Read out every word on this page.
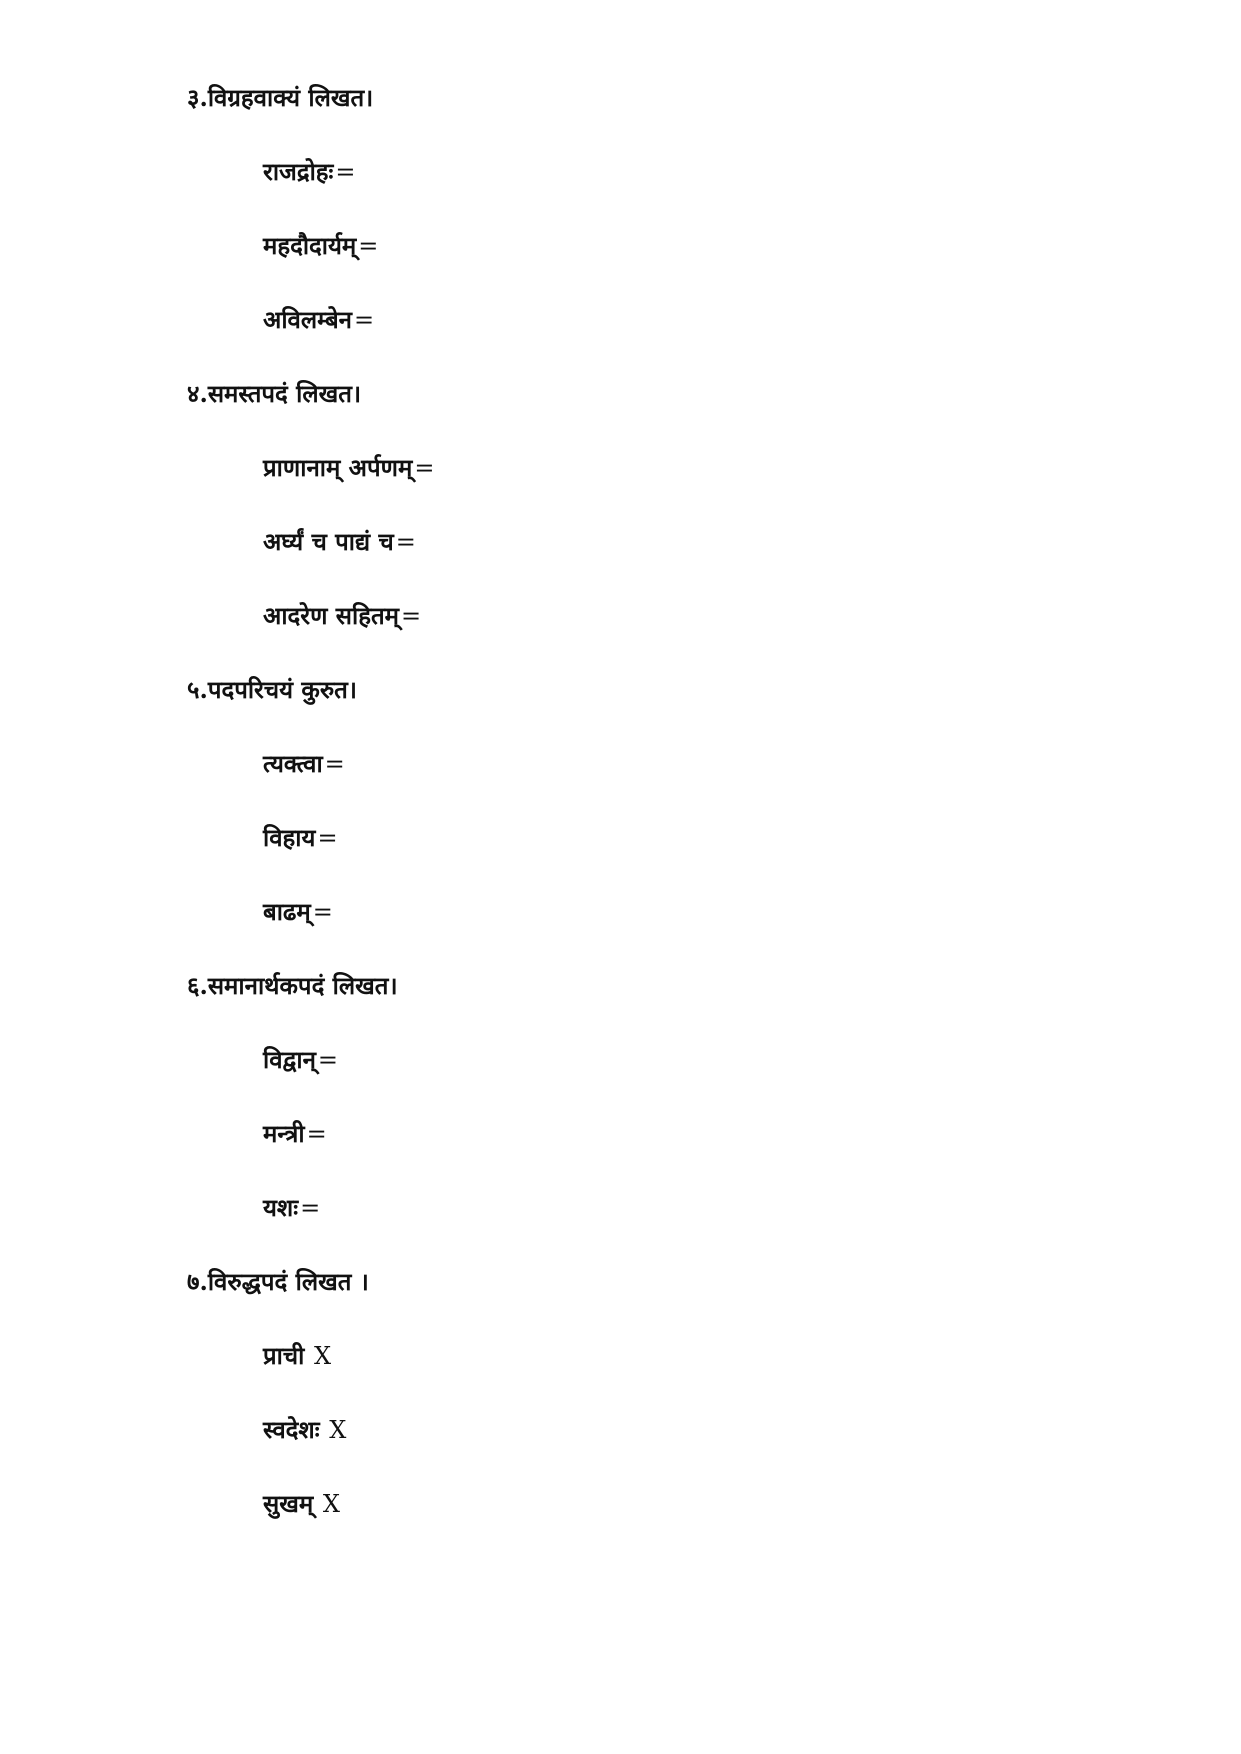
३.विग्रहवाक्यं लिखत।
राजद्रोहः=
महदौदार्यम्=
अविलम्बेन=
४.समस्तपदं लिखत।
प्राणानाम् अर्पणम्=
अर्घ्यं च पाद्यं च=
आदरेण सहितम्=
५.पदपरिचयं कुरुत।
त्यक्त्वा=
विहाय=
बाढम्=
६.समानार्थकपदं लिखत।
विद्वान्=
मन्त्री=
यशः=
७.विरुद्धपदं लिखत ।
प्राची X
स्वदेशः X
सुखम् X
